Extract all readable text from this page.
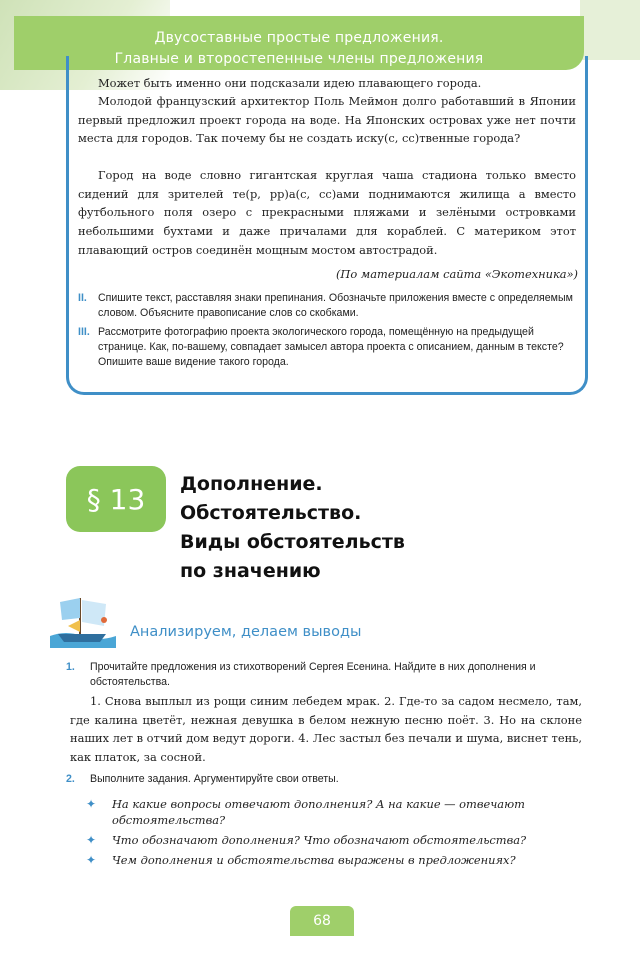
Двусоставные простые предложения.
Главные и второстепенные члены предложения
Может быть именно они подсказали идею плавающего города.
Молодой французский архитектор Поль Меймон долго работавший в Японии первый предложил проект города на воде. На Японских островах уже нет почти места для городов. Так почему бы не создать иску(с, сс)твенные города?
Город на воде словно гигантская круглая чаша стадиона только вместо сидений для зрителей те(р, рр)а(с, сс)ами поднимаются жилища а вместо футбольного поля озеро с прекрасными пляжами и зелёными островками небольшими бухтами и даже причалами для кораблей. С материком этот плавающий остров соединён мощным мостом автострадой.
(По материалам сайта «Экотехника»)
II. Спишите текст, расставляя знаки препинания. Обозначьте приложения вместе с определяемым словом. Объясните правописание слов со скобками.
III. Рассмотрите фотографию проекта экологического города, помещённую на предыдущей странице. Как, по-вашему, совпадает замысел автора проекта с описанием, данным в тексте? Опишите ваше видение такого города.
§ 13	Дополнение.
Обстоятельство.
Виды обстоятельств
по значению
Анализируем, делаем выводы
1. Прочитайте предложения из стихотворений Сергея Есенина. Найдите в них дополнения и обстоятельства.
1. Снова выплыл из рощи синим лебедем мрак. 2. Где-то за садом несмело, там, где калина цветёт, нежная девушка в белом нежную песню поёт. 3. Но на склоне наших лет в отчий дом ведут дороги. 4. Лес застыл без печали и шума, виснет тень, как платок, за сосной.
2. Выполните задания. Аргументируйте свои ответы.
✦ На какие вопросы отвечают дополнения? А на какие — отвечают обстоятельства?
✦ Что обозначают дополнения? Что обозначают обстоятельства?
✦ Чем дополнения и обстоятельства выражены в предложениях?
68
